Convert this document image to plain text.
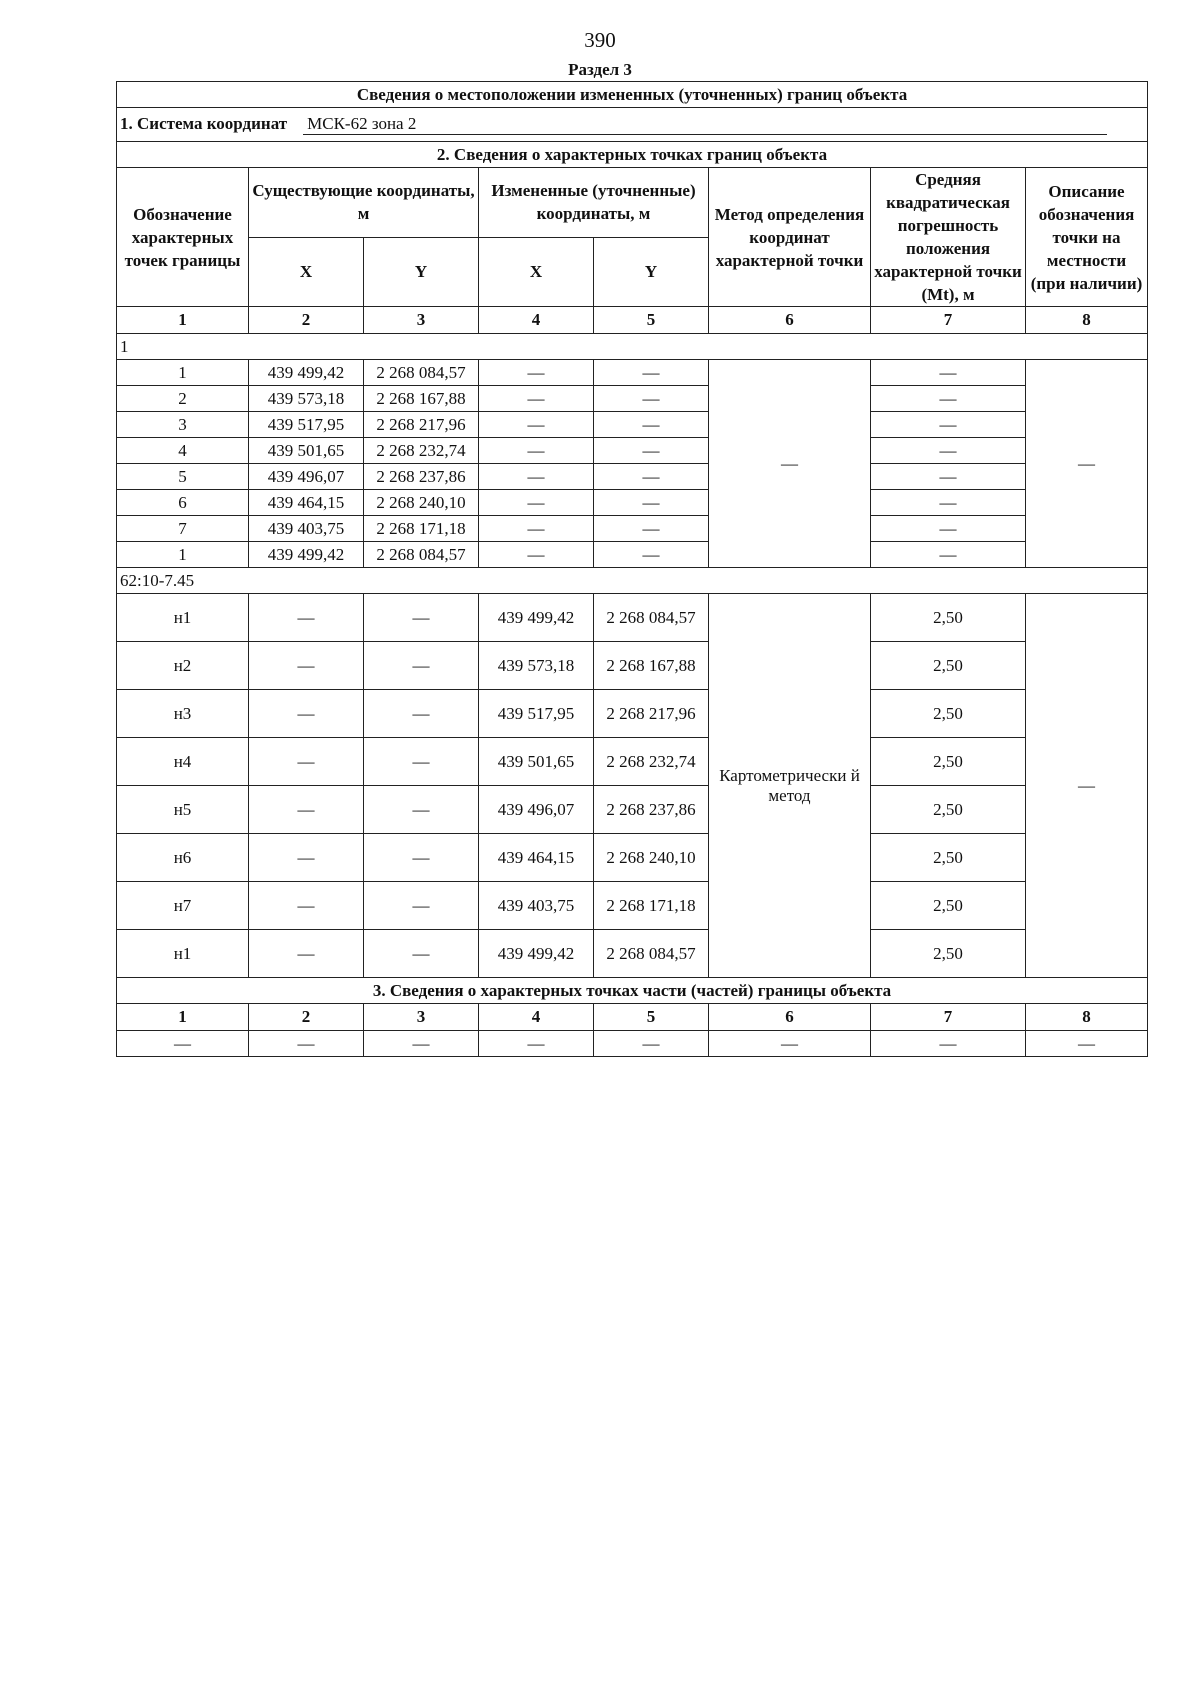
390
Раздел 3
Сведения о местоположении измененных (уточненных) границ объекта							
1. Система координат МСК-62 зона 2							
2. Сведения о характерных точках границ объекта							
Обозначение характерных точек границы	Существующие координаты, м		Измененные (уточненные) координаты, м		Метод определения координат характерной точки	Средняя квадратическая погрешность положения характерной точки (Mt), м	Описание обозначения точки на местности (при наличии)
	X	Y	X	Y			
1	2	3	4	5	6	7	8
1							
1	439 499,42	2 268 084,57	—	—	—	—	—
2	439 573,18	2 268 167,88	—	—		—	
3	439 517,95	2 268 217,96	—	—		—	
4	439 501,65	2 268 232,74	—	—		—	
5	439 496,07	2 268 237,86	—	—		—	
6	439 464,15	2 268 240,10	—	—		—	
7	439 403,75	2 268 171,18	—	—		—	
1	439 499,42	2 268 084,57	—	—		—	
62:10-7.45							
н1	—	—	439 499,42	2 268 084,57	Картометрически й метод	2,50	—
н2	—	—	439 573,18	2 268 167,88		2,50	
н3	—	—	439 517,95	2 268 217,96		2,50	
н4	—	—	439 501,65	2 268 232,74		2,50	
н5	—	—	439 496,07	2 268 237,86		2,50	
н6	—	—	439 464,15	2 268 240,10		2,50	
н7	—	—	439 403,75	2 268 171,18		2,50	
н1	—	—	439 499,42	2 268 084,57		2,50	
3. Сведения о характерных точках части (частей) границы объекта							
1	2	3	4	5	6	7	8
—	—	—	—	—	—	—	—
